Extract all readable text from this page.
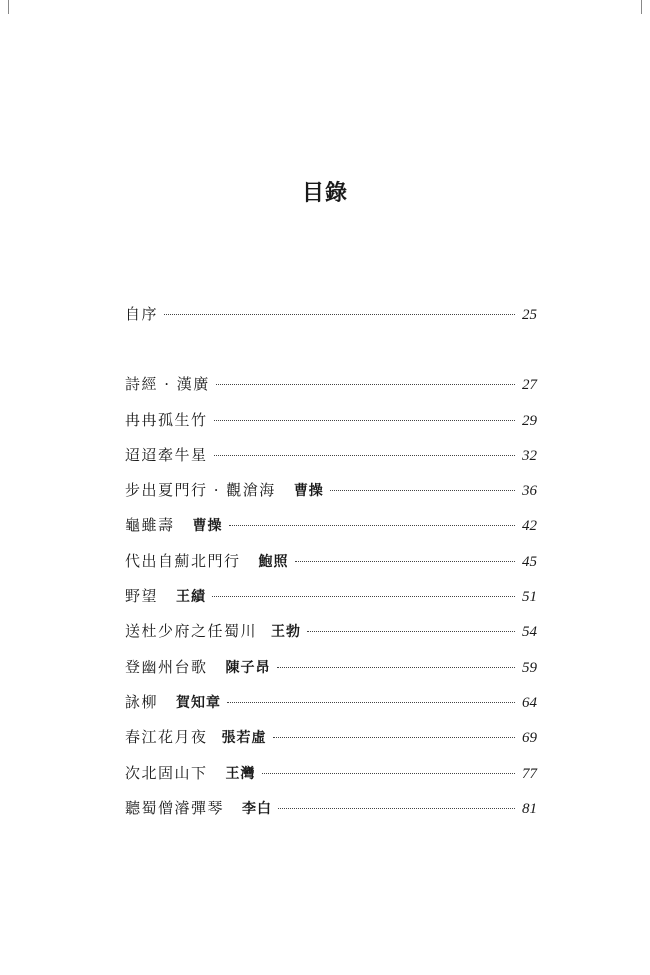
目錄
自序	25
詩經 · 漢廣	27
冉冉孤生竹	29
迢迢牽牛星	32
步出夏門行 · 觀滄海 曹操	36
龜雖壽 曹操	42
代出自薊北門行 鮑照	45
野望 王績	51
送杜少府之任蜀川 王勃	54
登幽州台歌 陳子昂	59
詠柳 賀知章	64
春江花月夜 張若虛	69
次北固山下 王灣	77
聽蜀僧濬彈琴 李白	81
